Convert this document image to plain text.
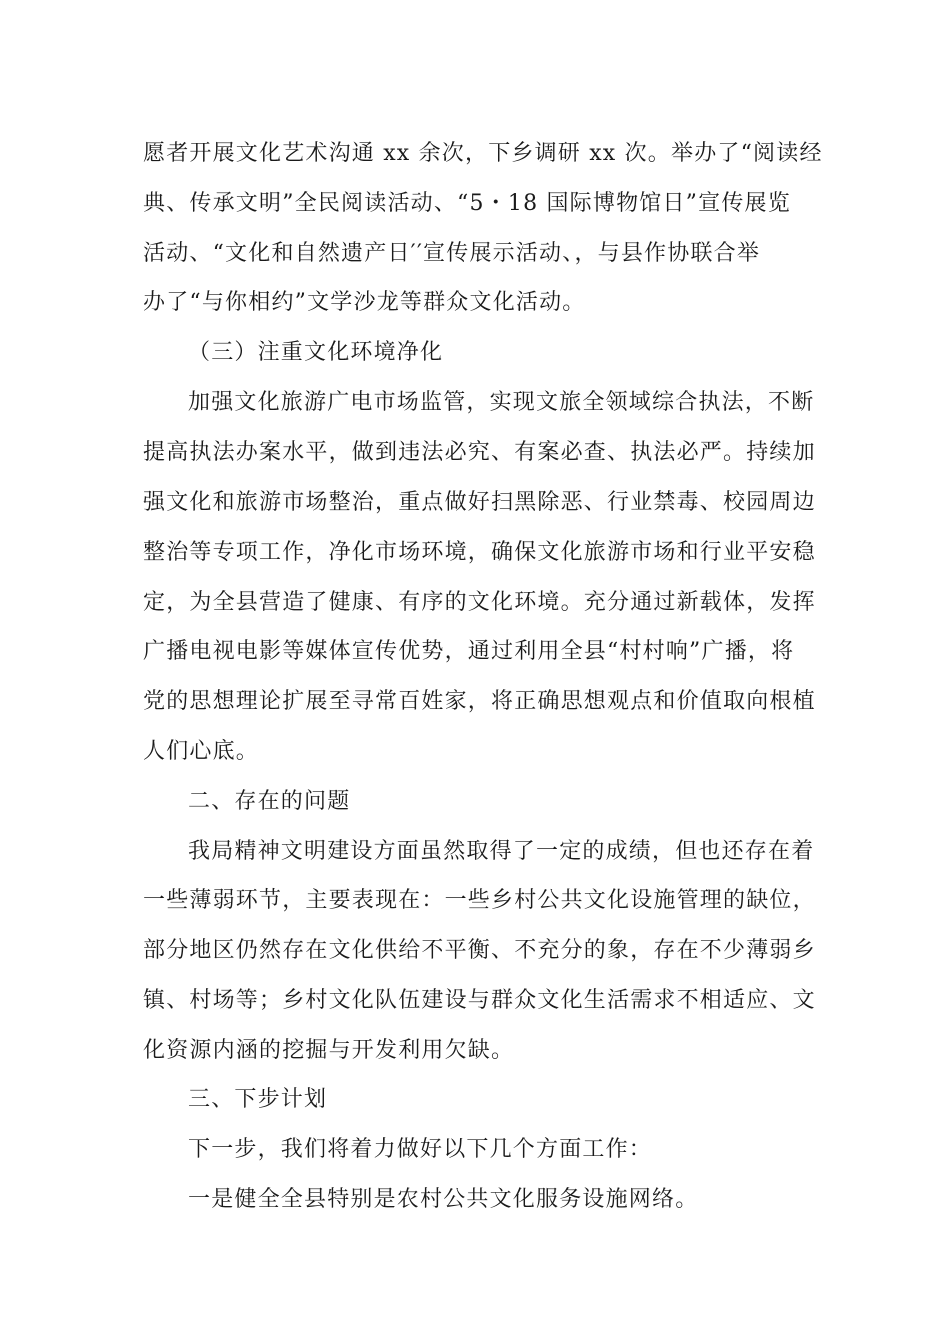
愿者开展文化艺术沟通 xx 余次，下乡调研 xx 次。举办了“阅读经
典、传承文明”全民阅读活动、“5・18 国际博物馆日”宣传展览
活动、“文化和自然遗产日′′宣传展示活动、，与县作协联合举
办了“与你相约”文学沙龙等群众文化活动。
（三）注重文化环境净化
加强文化旅游广电市场监管，实现文旅全领域综合执法，不断
提高执法办案水平，做到违法必究、有案必查、执法必严。持续加
强文化和旅游市场整治，重点做好扫黑除恶、行业禁毒、校园周边
整治等专项工作，净化市场环境，确保文化旅游市场和行业平安稳
定，为全县营造了健康、有序的文化环境。充分通过新载体，发挥
广播电视电影等媒体宣传优势，通过利用全县“村村响”广播，将
党的思想理论扩展至寻常百姓家，将正确思想观点和价值取向根植
人们心底。
二、存在的问题
我局精神文明建设方面虽然取得了一定的成绩，但也还存在着
一些薄弱环节，主要表现在：一些乡村公共文化设施管理的缺位，
部分地区仍然存在文化供给不平衡、不充分的象，存在不少薄弱乡
镇、村场等；乡村文化队伍建设与群众文化生活需求不相适应、文
化资源内涵的挖掘与开发利用欠缺。
三、下步计划
下一步，我们将着力做好以下几个方面工作：
一是健全全县特别是农村公共文化服务设施网络。
